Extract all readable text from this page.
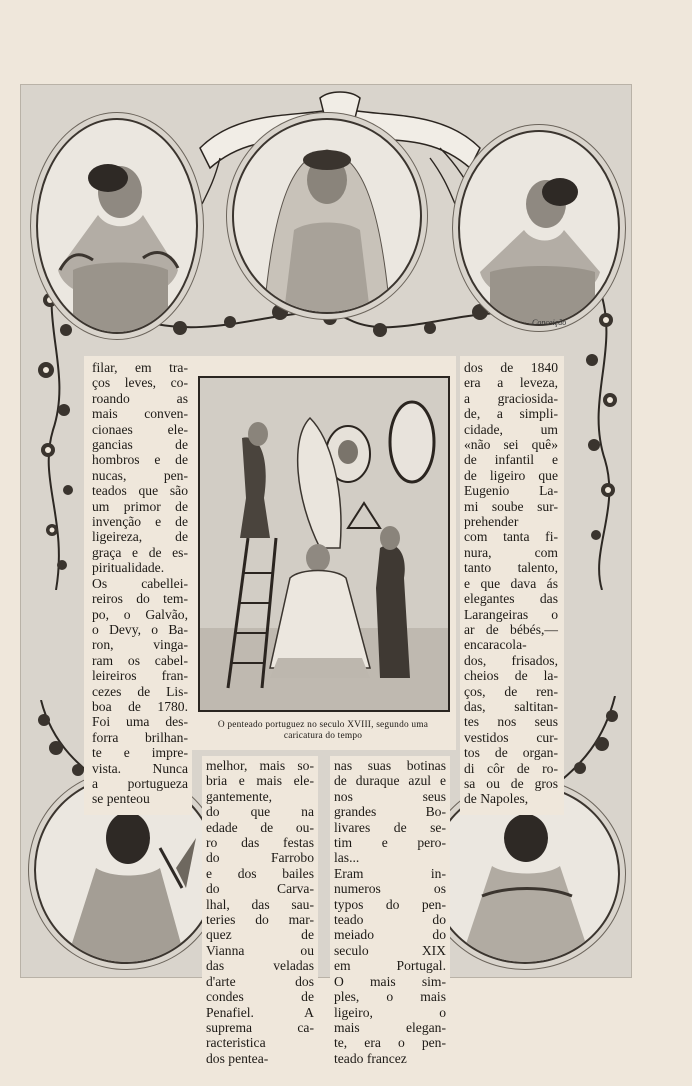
Conceição
O penteado portuguez no seculo XVIII, segundo uma
caricatura do tempo
filar, em tra-
ços leves, co-
roando as
mais conven-
cionaes ele-
gancias de
hombros e de
nucas, pen-
teados que são
um primor de
invenção e de
ligeireza, de
graça e de es-
piritualidade.
Os cabellei-
reiros do tem-
po, o Galvão,
o Devy, o Ba-
ron, vinga-
ram os cabel-
leireiros fran-
cezes de Lis-
boa de 1780.
Foi uma des-
forra brilhan-
te e impre-
vista. Nunca
a portugueza
se penteou
dos de 1840
era a leveza,
a graciosida-
de, a simpli-
cidade, um
«não sei quê»
de infantil e
de ligeiro que
Eugenio La-
mi soube sur-
prehender
com tanta fi-
nura, com
tanto talento,
e que dava ás
elegantes das
Larangeiras o
ar de bébés,—
encaracola-
dos, frisados,
cheios de la-
ços, de ren-
das, saltitan-
tes nos seus
vestidos cur-
tos de organ-
di côr de ro-
sa ou de gros
de Napoles,
melhor, mais so-
bria e mais ele-
gantemente,
do que na
edade de ou-
ro das festas
do Farrobo
e dos bailes
do Carva-
lhal, das sau-
teries do mar-
quez de
Vianna ou
das veladas
d'arte dos
condes de
Penafiel. A
suprema ca-
racteristica
dos pentea-
nas suas botinas
de duraque azul e
nos seus
grandes Bo-
livares de se-
tim e pero-
las...
Eram in-
numeros os
typos do pen-
teado do
meiado do
seculo XIX
em Portugal.
O mais sim-
ples, o mais
ligeiro, o
mais elegan-
te, era o pen-
teado francez
